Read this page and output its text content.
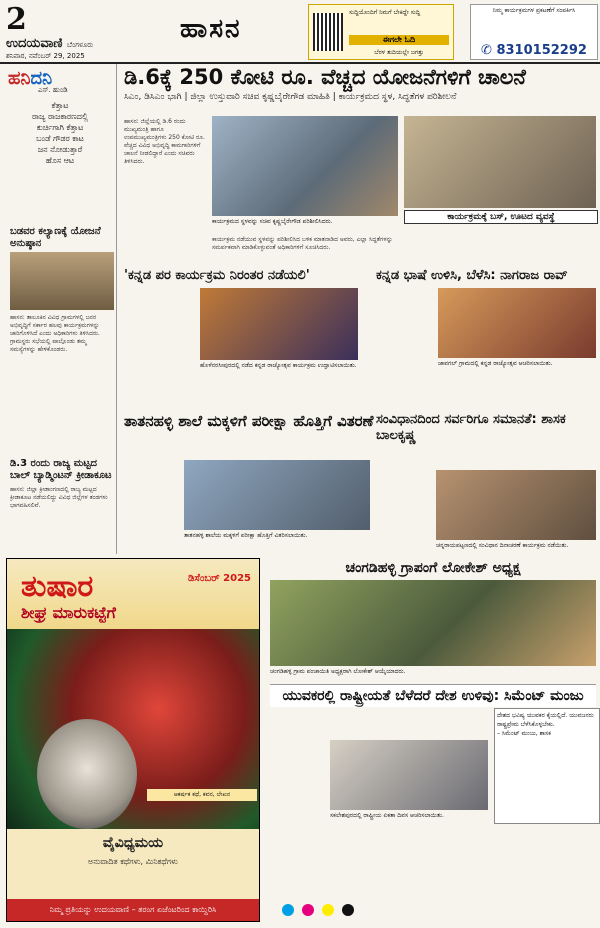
2
ಉದಯವಾಣಿ ಬೆಂಗಳೂರು
ಶನಿವಾರ, ನವೆಂಬರ್ 29, 2025
ಹಾಸನ
ಸುದ್ದಿಯೊಂದಿಗೆ ನಿಮಗೆ ಬೇಕಿದ್ದೇ ಸುದ್ದಿ
ಈಗಲೇ ಓದಿ
ಬೆರಳ ತುದಿಯಲ್ಲೇ ಜಗತ್ತು
ನಿಮ್ಮ ಕಾರ್ಯಕ್ರಮಗಳ ಪ್ರಕಟಣೆಗೆ ಸಂಪರ್ಕಿಸಿ
✆ 8310152292
ಹನಿದನಿ
ಎಸ್. ಹುಂಡಿ
ಕೆತ್ತಾಟ
ರಾಜ್ಯ ರಾಜಕಾರಣದಲ್ಲಿ
ಕುರ್ಚಿಗಾಗಿ ಕೆತ್ತಾಟ
ಬಂಡೆ ಗೌಡರ ಕಾಟ
ಜನ ನೋಡುತ್ತಾರೆ
ಹೊಸ ಆಟ
ಬಡವರ ಕಲ್ಯಾಣಕ್ಕೆ ಯೋಜನೆ ಅನುಷ್ಠಾನ
ಹಾಸನ: ತಾಲೂಕಿನ ವಿವಿಧ ಗ್ರಾಮಗಳಲ್ಲಿ ಜನರ ಅಭಿವೃದ್ಧಿಗೆ ಸರ್ಕಾರ ಹಲವು ಕಾರ್ಯಕ್ರಮಗಳನ್ನು ಜಾರಿಗೊಳಿಸಿದೆ ಎಂದು ಅಧಿಕಾರಿಗಳು ತಿಳಿಸಿದರು. ಗ್ರಾಮಸ್ಥರು ಸಭೆಯಲ್ಲಿ ಪಾಲ್ಗೊಂಡು ತಮ್ಮ ಸಮಸ್ಯೆಗಳನ್ನು ಹೇಳಿಕೊಂಡರು.
ಡಿ.3 ರಂದು ರಾಜ್ಯ ಮಟ್ಟದ ಬಾಲ್ ಬ್ಯಾಡ್ಮಿಂಟನ್ ಕ್ರೀಡಾಕೂಟ
ಹಾಸನ: ಜಿಲ್ಲಾ ಕ್ರೀಡಾಂಗಣದಲ್ಲಿ ರಾಜ್ಯ ಮಟ್ಟದ ಕ್ರೀಡಾಕೂಟ ನಡೆಯಲಿದ್ದು ವಿವಿಧ ಜಿಲ್ಲೆಗಳ ತಂಡಗಳು ಭಾಗವಹಿಸಲಿವೆ.
ಡಿ.6ಕ್ಕೆ 250 ಕೋಟಿ ರೂ. ವೆಚ್ಚದ ಯೋಜನೆಗಳಿಗೆ ಚಾಲನೆ
ಸಿಎಂ, ಡಿಸಿಎಂ ಭಾಗಿ | ಜಿಲ್ಲಾ ಉಸ್ತುವಾರಿ ಸಚಿವ ಕೃಷ್ಣಬೈರೇಗೌಡ ಮಾಹಿತಿ | ಕಾರ್ಯಕ್ರಮದ ಸ್ಥಳ, ಸಿದ್ಧತೆಗಳ ಪರಿಶೀಲನೆ
ಹಾಸನ: ಜಿಲ್ಲೆಯಲ್ಲಿ ಡಿ.6 ರಂದು ಮುಖ್ಯಮಂತ್ರಿ ಹಾಗೂ ಉಪಮುಖ್ಯಮಂತ್ರಿಗಳು 250 ಕೋಟಿ ರೂ. ವೆಚ್ಚದ ವಿವಿಧ ಅಭಿವೃದ್ಧಿ ಕಾಮಗಾರಿಗಳಿಗೆ ಚಾಲನೆ ನೀಡಲಿದ್ದಾರೆ ಎಂದು ಸಚಿವರು ತಿಳಿಸಿದರು.
ಕಾರ್ಯಕ್ರಮದ ಸ್ಥಳವನ್ನು ಸಚಿವ ಕೃಷ್ಣಬೈರೇಗೌಡ ಪರಿಶೀಲಿಸಿದರು.
ಕಾರ್ಯಕ್ರಮ ನಡೆಯುವ ಸ್ಥಳವನ್ನು ಪರಿಶೀಲಿಸಿದ ಬಳಿಕ ಮಾತನಾಡಿದ ಅವರು, ಎಲ್ಲಾ ಸಿದ್ಧತೆಗಳನ್ನು ಸಮರ್ಪಕವಾಗಿ ಮಾಡಿಕೊಳ್ಳುವಂತೆ ಅಧಿಕಾರಿಗಳಿಗೆ ಸೂಚಿಸಿದರು.
ಕಾರ್ಯಕ್ರಮಕ್ಕೆ ಬಸ್, ಊಟದ ವ್ಯವಸ್ಥೆ
'ಕನ್ನಡ ಪರ ಕಾರ್ಯಕ್ರಮ ನಿರಂತರ ನಡೆಯಲಿ'
ಹೊಳೆನರಸೀಪುರದಲ್ಲಿ ನಡೆದ ಕನ್ನಡ ರಾಜ್ಯೋತ್ಸವ ಕಾರ್ಯಕ್ರಮ ಉದ್ಘಾಟಿಸಲಾಯಿತು.
ಕನ್ನಡ ಭಾಷೆ ಉಳಿಸಿ, ಬೆಳೆಸಿ: ನಾಗರಾಜ ರಾವ್
ಜಾವಗಲ್ ಗ್ರಾಮದಲ್ಲಿ ಕನ್ನಡ ರಾಜ್ಯೋತ್ಸವ ಆಚರಿಸಲಾಯಿತು.
ತಾತನಹಳ್ಳಿ ಶಾಲೆ ಮಕ್ಕಳಿಗೆ ಪರೀಕ್ಷಾ ಹೊತ್ತಿಗೆ ವಿತರಣೆ
ತಾತನಹಳ್ಳಿ ಶಾಲೆಯ ಮಕ್ಕಳಿಗೆ ಪರೀಕ್ಷಾ ಹೊತ್ತಿಗೆ ವಿತರಿಸಲಾಯಿತು.
ಸಂವಿಧಾನದಿಂದ ಸರ್ವರಿಗೂ ಸಮಾನತೆ: ಶಾಸಕ ಬಾಲಕೃಷ್ಣ
ಚನ್ನರಾಯಪಟ್ಟಣದಲ್ಲಿ ಸಂವಿಧಾನ ದಿನಾಚರಣೆ ಕಾರ್ಯಕ್ರಮ ನಡೆಯಿತು.
ತುಷಾರ	ಡಿಸೆಂಬರ್ 2025
ಶೀಘ್ರ ಮಾರುಕಟ್ಟೆಗೆ
ಆಕರ್ಷಕ ಕಥೆ, ಕವನ, ಲೇಖನ
ವೈವಿಧ್ಯಮಯ
ಅನುವಾದಿತ ಕಥೆಗಳು, ಮಿನಿಕಥೆಗಳು
ನಿಮ್ಮ ಪ್ರತಿಯನ್ನು ಉದಯವಾಣಿ – ತರಂಗ ಏಜೆಂಟರಿಂದ ಕಾಯ್ದಿರಿಸಿ
ಚಂಗಡಿಹಳ್ಳಿ ಗ್ರಾಪಂಗೆ ಲೋಕೇಶ್ ಅಧ್ಯಕ್ಷ
ಚಂಗಡಿಹಳ್ಳಿ ಗ್ರಾಮ ಪಂಚಾಯಿತಿ ಅಧ್ಯಕ್ಷರಾಗಿ ಲೋಕೇಶ್ ಆಯ್ಕೆಯಾದರು.
ಯುವಕರಲ್ಲಿ ರಾಷ್ಟ್ರೀಯತೆ ಬೆಳೆದರೆ ದೇಶ ಉಳಿವು: ಸಿಮೆಂಟ್ ಮಂಜು
ಸಕಲೇಶಪುರದಲ್ಲಿ ರಾಷ್ಟ್ರೀಯ ಏಕತಾ ದಿವಸ ಆಚರಿಸಲಾಯಿತು.
ದೇಶದ ಭವಿಷ್ಯ ಯುವಕರ ಕೈಯಲ್ಲಿದೆ. ಯುವಜನರು ರಾಷ್ಟ್ರಪ್ರೇಮ ಬೆಳೆಸಿಕೊಳ್ಳಬೇಕು.
– ಸಿಮೆಂಟ್ ಮಂಜು, ಶಾಸಕ
